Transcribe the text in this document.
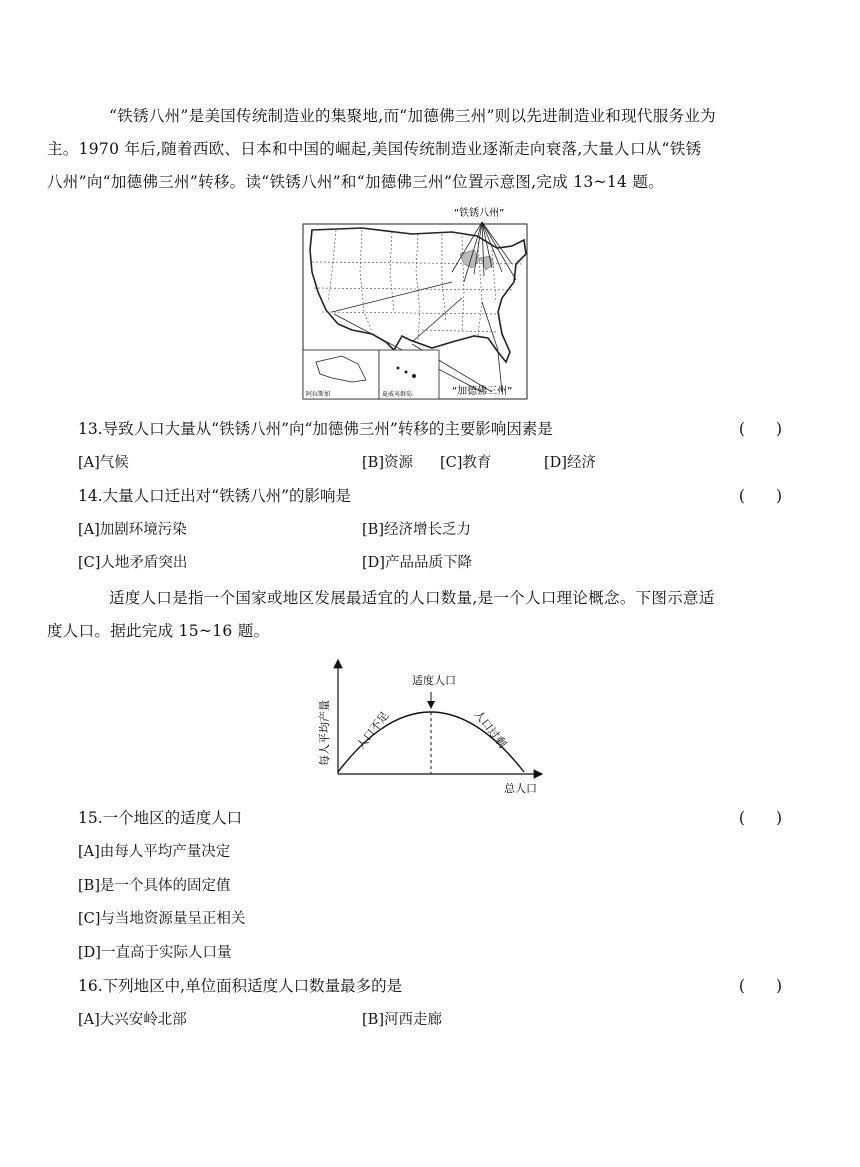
“铁锈八州”是美国传统制造业的集聚地,而“加德佛三州”则以先进制造业和现代服务业为
主。1970 年后,随着西欧、日本和中国的崛起,美国传统制造业逐渐走向衰落,大量人口从“铁锈
八州”向“加德佛三州”转移。读“铁锈八州”和“加德佛三州”位置示意图,完成 13~14 题。
阿拉斯加	夏威夷群岛
“铁锈八州”
“加德佛三州”
13.导致人口大量从“铁锈八州”向“加德佛三州”转移的主要影响因素是	(　　)
[A]气候	[B]资源 [C]教育	[D]经济
14.大量人口迁出对“铁锈八州”的影响是	(　　)
[A]加剧环境污染	[B]经济增长乏力
[C]人地矛盾突出	[D]产品品质下降
适度人口是指一个国家或地区发展最适宜的人口数量,是一个人口理论概念。下图示意适
度人口。据此完成 15~16 题。
适度人口
人口不足	人口过剩
每人平均产量
总人口
15.一个地区的适度人口	(　　)
[A]由每人平均产量决定
[B]是一个具体的固定值
[C]与当地资源量呈正相关
[D]一直高于实际人口量
16.下列地区中,单位面积适度人口数量最多的是	(　　)
[A]大兴安岭北部	[B]河西走廊
